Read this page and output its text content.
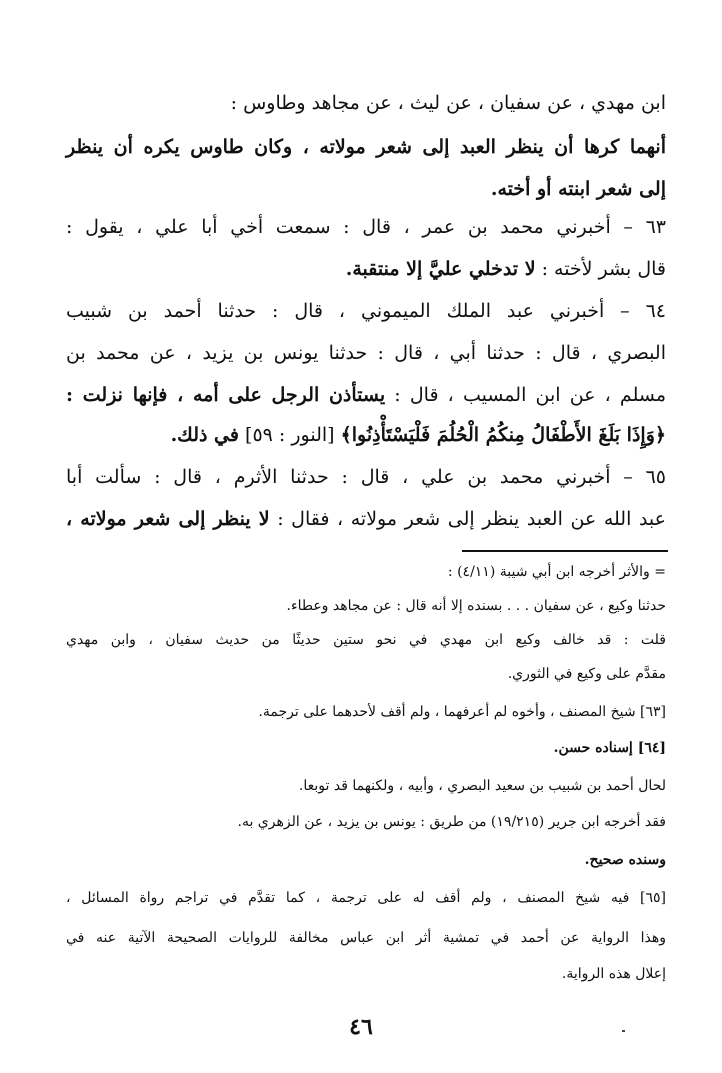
ابن مهدي ، عن سفيان ، عن ليث ، عن مجاهد وطاوس :
أنهما كرها أن ينظر العبد إلى شعر مولاته ، وكان طاوس يكره أن ينظر
إلى شعر ابنته أو أخته.
٦٣ – أخبرني محمد بن عمر ، قال : سمعت أخي أبا علي ، يقول :
قال بشر لأخته : لا تدخلي عليَّ إلا منتقبة.
٦٤ – أخبرني عبد الملك الميموني ، قال : حدثنا أحمد بن شبيب
البصري ، قال : حدثنا أبي ، قال : حدثنا يونس بن يزيد ، عن محمد بن
مسلم ، عن ابن المسيب ، قال : يستأذن الرجل على أمه ، فإنها نزلت :
﴿وَإِذَا بَلَغَ الأَطْفَالُ مِنكُمُ الْحُلُمَ فَلْيَسْتَأْذِنُوا﴾ [النور : ٥٩] في ذلك.
٦٥ – أخبرني محمد بن علي ، قال : حدثنا الأثرم ، قال : سألت أبا
عبد الله عن العبد ينظر إلى شعر مولاته ، فقال : لا ينظر إلى شعر مولاته ،
= والأثر أخرجه ابن أبي شيبة (٤/١١) :
حدثنا وكيع ، عن سفيان . . . بسنده إلا أنه قال : عن مجاهد وعطاء.
قلت : قد خالف وكيع ابن مهدي في نحو ستين حديثًا من حديث سفيان ، وابن مهدي
مقدَّم على وكيع في الثوري.
[٦٣] شيخ المصنف ، وأخوه لم أعرفهما ، ولم أقف لأحدهما على ترجمة.
[٦٤] إسناده حسن.
لحال أحمد بن شبيب بن سعيد البصري ، وأبيه ، ولكنهما قد توبعا.
فقد أخرجه ابن جرير (١٩/٢١٥) من طريق : يونس بن يزيد ، عن الزهري به.
وسنده صحيح.
[٦٥] فيه شيخ المصنف ، ولم أقف له على ترجمة ، كما تقدَّم في تراجم رواة المسائل ،
وهذا الرواية عن أحمد في تمشية أثر ابن عباس مخالفة للروايات الصحيحة الآتية عنه في
إعلال هذه الرواية.
٤٦
